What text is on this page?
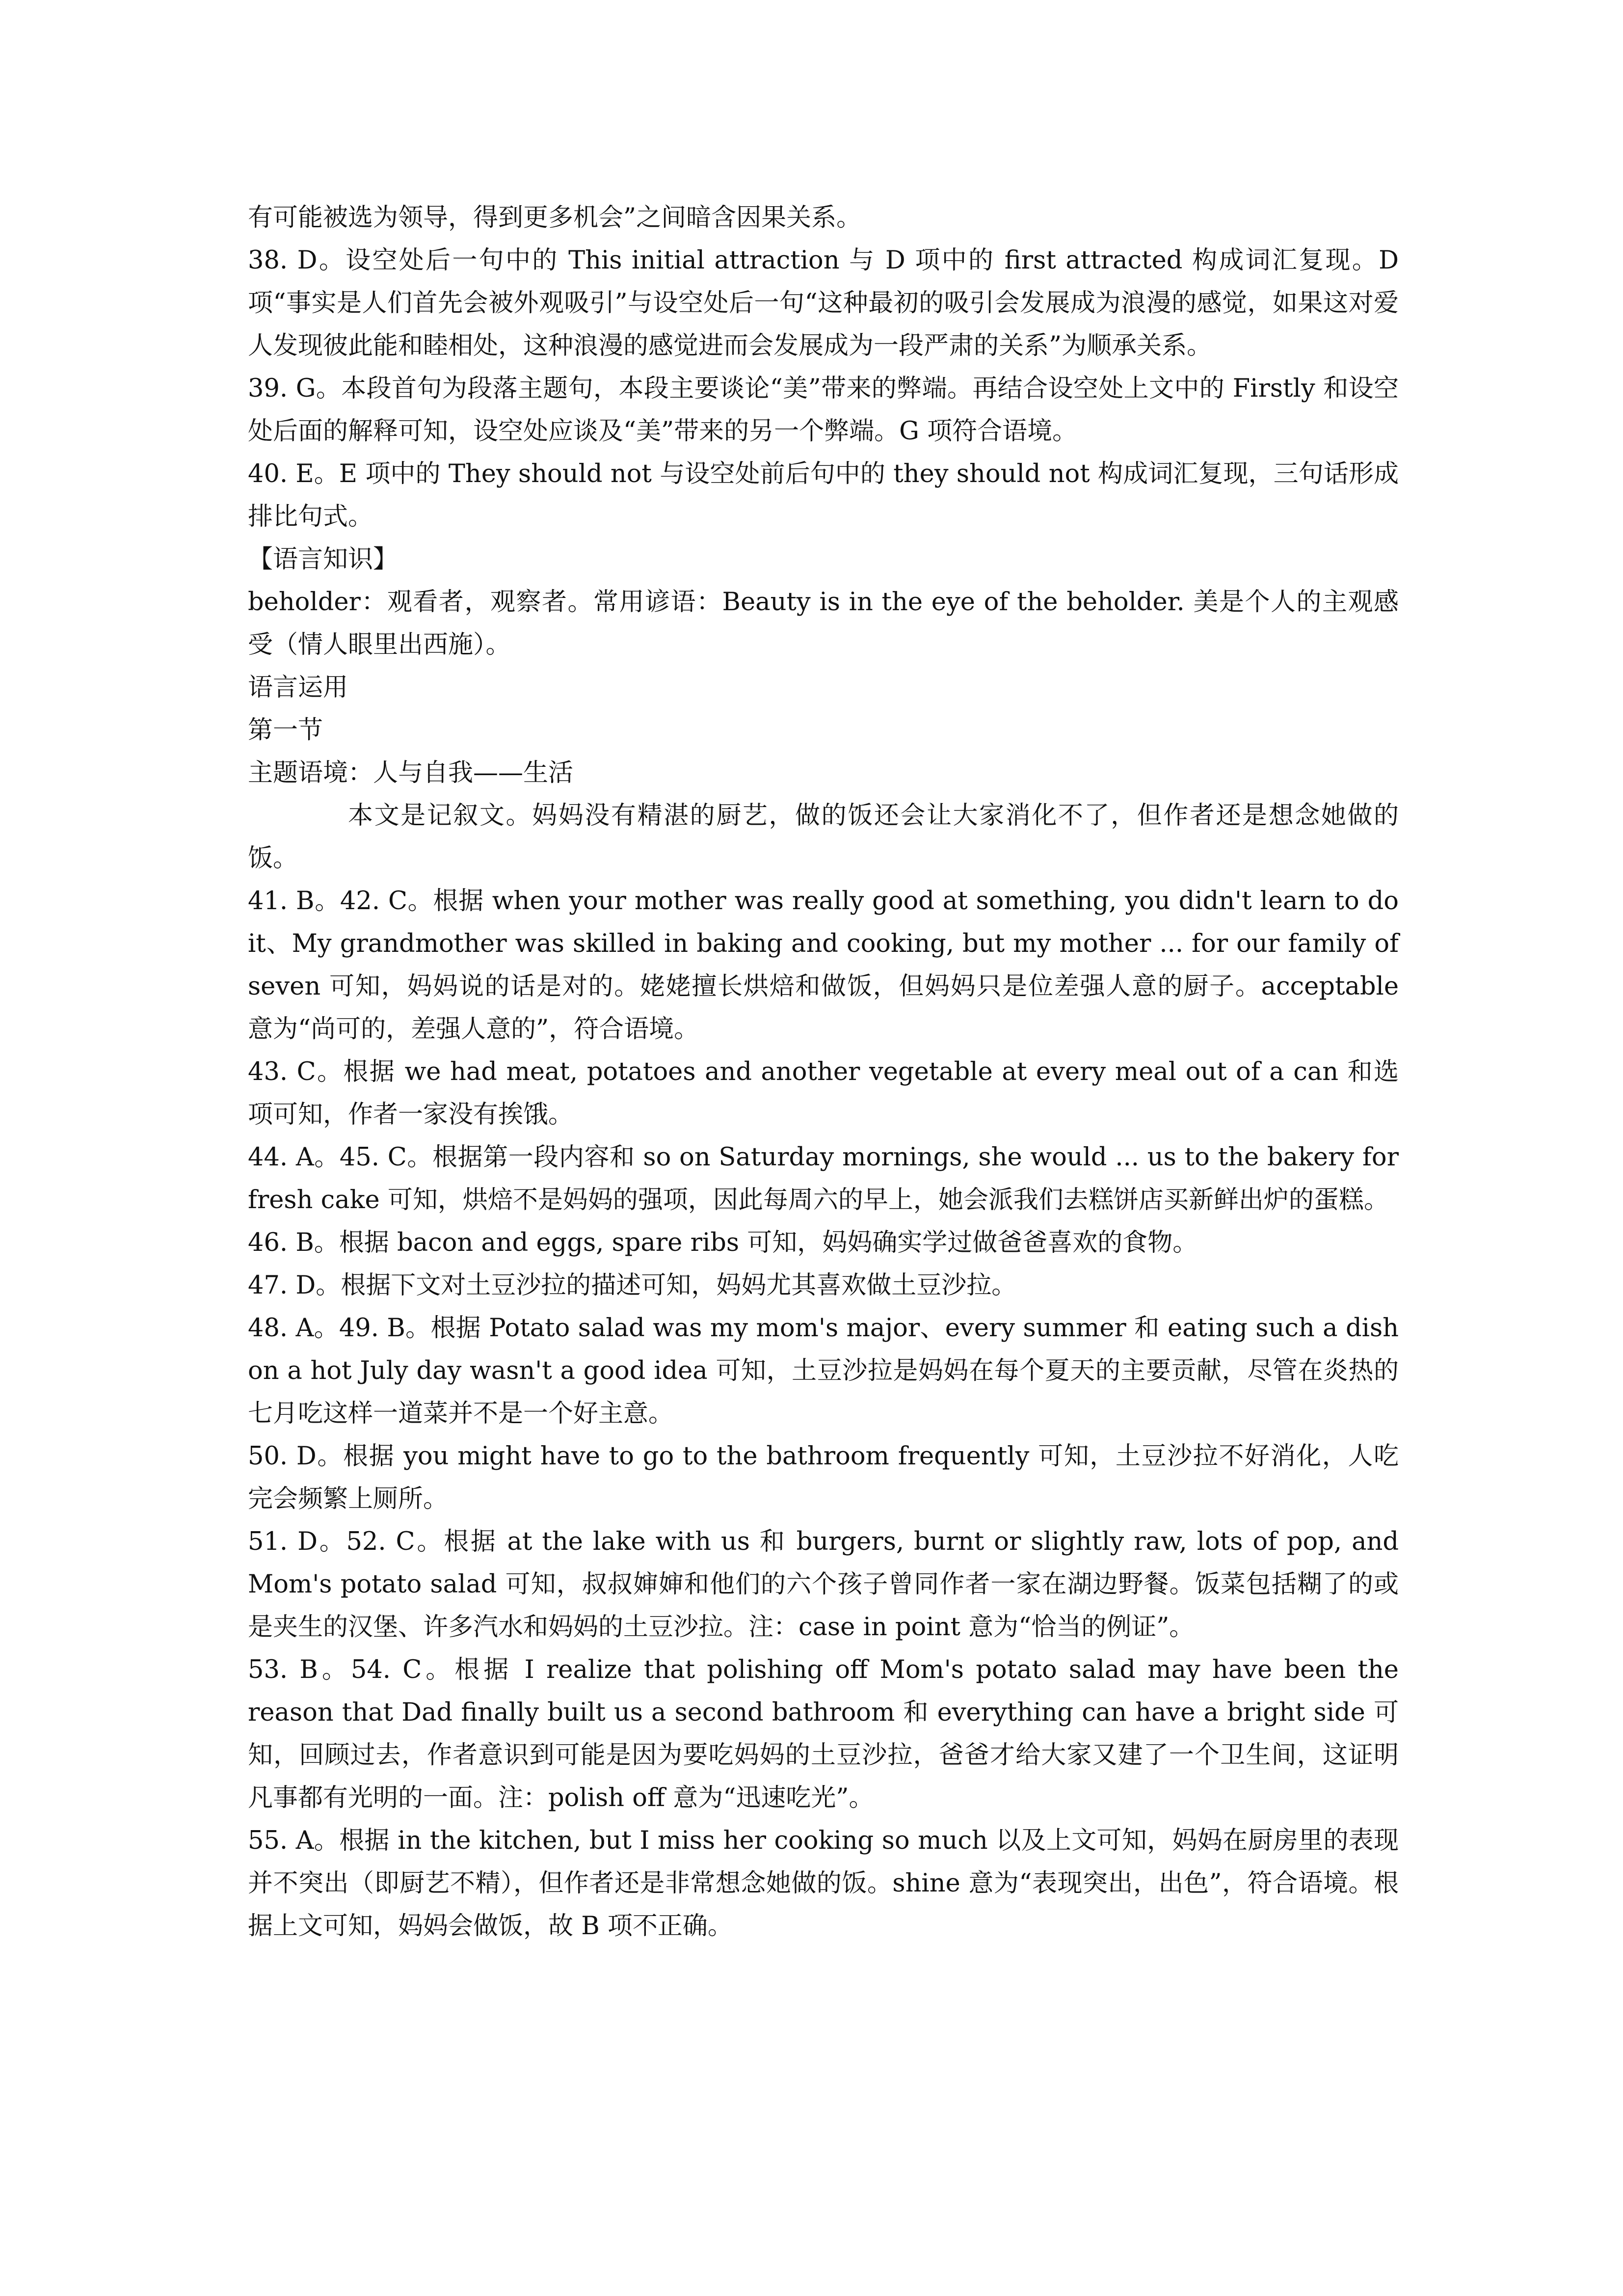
有可能被选为领导，得到更多机会”之间暗含因果关系。

38. D。设空处后一句中的 This initial attraction 与 D 项中的 first attracted 构成词汇复现。D 项“事实是人们首先会被外观吸引”与设空处后一句“这种最初的吸引会发展成为浪漫的感觉，如果这对爱人发现彼此能和睦相处，这种浪漫的感觉进而会发展成为一段严肃的关系”为顺承关系。

39. G。本段首句为段落主题句，本段主要谈论“美”带来的弊端。再结合设空处上文中的 Firstly 和设空处后面的解释可知，设空处应谈及“美”带来的另一个弊端。G 项符合语境。

40. E。E 项中的 They should not 与设空处前后句中的 they should not 构成词汇复现，三句话形成排比句式。

【语言知识】

beholder：观看者，观察者。常用谚语：Beauty is in the eye of the beholder. 美是个人的主观感受（情人眼里出西施）。

语言运用

第一节

主题语境：人与自我——生活

本文是记叙文。妈妈没有精湛的厨艺，做的饭还会让大家消化不了，但作者还是想念她做的饭。

41. B。42. C。根据 when your mother was really good at something, you didn't learn to do it、My grandmother was skilled in baking and cooking, but my mother ... for our family of seven 可知，妈妈说的话是对的。姥姥擅长烘焙和做饭，但妈妈只是位差强人意的厨子。acceptable 意为“尚可的，差强人意的”，符合语境。

43. C。根据 we had meat, potatoes and another vegetable at every meal out of a can 和选项可知，作者一家没有挨饿。

44. A。45. C。根据第一段内容和 so on Saturday mornings, she would ... us to the bakery for fresh cake 可知，烘焙不是妈妈的强项，因此每周六的早上，她会派我们去糕饼店买新鲜出炉的蛋糕。

46. B。根据 bacon and eggs, spare ribs 可知，妈妈确实学过做爸爸喜欢的食物。

47. D。根据下文对土豆沙拉的描述可知，妈妈尤其喜欢做土豆沙拉。

48. A。49. B。根据 Potato salad was my mom's major、every summer 和 eating such a dish on a hot July day wasn't a good idea 可知，土豆沙拉是妈妈在每个夏天的主要贡献，尽管在炎热的七月吃这样一道菜并不是一个好主意。

50. D。根据 you might have to go to the bathroom frequently 可知，土豆沙拉不好消化，人吃完会频繁上厕所。

51. D。52. C。根据 at the lake with us 和 burgers, burnt or slightly raw, lots of pop, and Mom's potato salad 可知，叔叔婶婶和他们的六个孩子曾同作者一家在湖边野餐。饭菜包括糊了的或是夹生的汉堡、许多汽水和妈妈的土豆沙拉。注：case in point 意为“恰当的例证”。

53. B。54. C。根据 I realize that polishing off Mom's potato salad may have been the reason that Dad finally built us a second bathroom 和 everything can have a bright side 可知，回顾过去，作者意识到可能是因为要吃妈妈的土豆沙拉，爸爸才给大家又建了一个卫生间，这证明凡事都有光明的一面。注：polish off 意为“迅速吃光”。

55. A。根据 in the kitchen, but I miss her cooking so much 以及上文可知，妈妈在厨房里的表现并不突出（即厨艺不精），但作者还是非常想念她做的饭。shine 意为“表现突出，出色”，符合语境。根据上文可知，妈妈会做饭，故 B 项不正确。
